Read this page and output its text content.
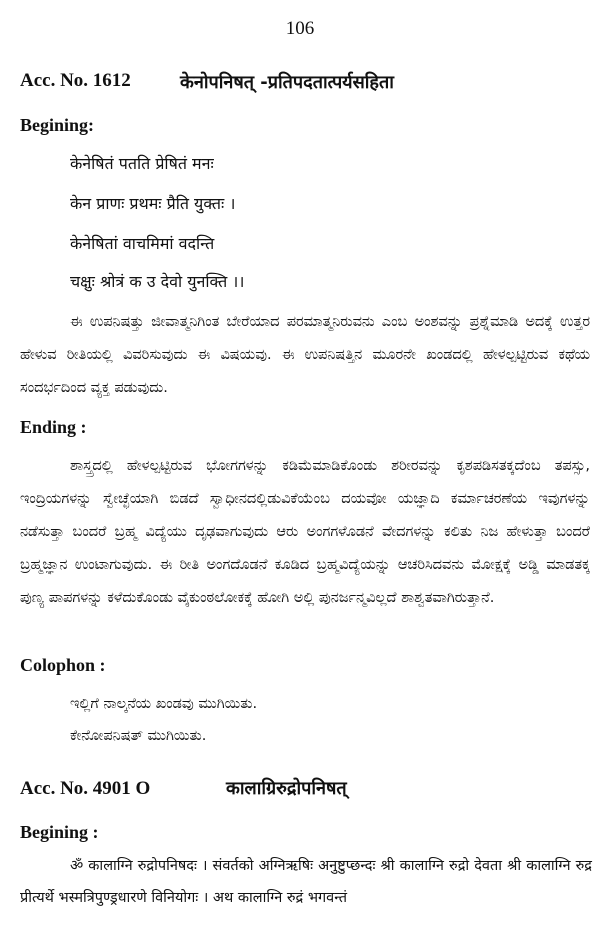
106
Acc. No. 1612	केनोपनिषत् -प्रतिपदतात्पर्यसहिता
Begining:
केनेषितं पतति प्रेषितं मनः
केन प्राणः प्रथमः प्रैति युक्तः ।
केनेषितां वाचमिमां वदन्ति
चक्षुः श्रोत्रं क उ देवो युनक्ति ।।
ಈ ಉಪನಿಷತ್ತು ಜೀವಾತ್ಮನಿಗಿಂತ ಬೇರೆಯಾದ ಪರಮಾತ್ಮನಿರುವನು ಎಂಬ ಅಂಶವನ್ನು ಪ್ರಶ್ನೆಮಾಡಿ ಅದಕ್ಕೆ ಉತ್ತರ ಹೇಳುವ ರೀತಿಯಲ್ಲಿ ವಿವರಿಸುವುದು ಈ ವಿಷಯವು. ಈ ಉಪನಿಷತ್ತಿನ ಮೂರನೇ ಖಂಡದಲ್ಲಿ ಹೇಳಲ್ಪಟ್ಟಿರುವ ಕಥೆಯ ಸಂದರ್ಭದಿಂದ ವ್ಯಕ್ತ ಪಡುವುದು.
Ending :
ಶಾಸ್ತ್ರದಲ್ಲಿ ಹೇಳಲ್ಪಟ್ಟಿರುವ ಭೋಗಗಳನ್ನು ಕಡಿಮೆಮಾಡಿಕೊಂಡು ಶರೀರವನ್ನು ಕೃಶಪಡಿಸತಕ್ಕದೆಂಬ ತಪಸ್ಸು, ಇಂದ್ರಿಯಗಳನ್ನು ಸ್ವೇಚ್ಛೆಯಾಗಿ ಬಿಡದೆ ಸ್ವಾಧೀನದಲ್ಲಿಡುವಿಕೆಯೆಂಬ ದಯವೋ ಯಜ್ಞಾದಿ ಕರ್ಮಾಚರಣೆಯ ಇವುಗಳನ್ನು ನಡೆಸುತ್ತಾ ಬಂದರೆ ಬ್ರಹ್ಮ ವಿದ್ಯೆಯು ದೃಢವಾಗುವುದು ಆರು ಅಂಗಗಳೊಡನೆ ವೇದಗಳನ್ನು ಕಲಿತು ನಿಜ ಹೇಳುತ್ತಾ ಬಂದರೆ ಬ್ರಹ್ಮಜ್ಞಾನ ಉಂಟಾಗುವುದು. ಈ ರೀತಿ ಅಂಗದೊಡನೆ ಕೂಡಿದ ಬ್ರಹ್ಮವಿದ್ಯೆಯನ್ನು ಆಚರಿಸಿದವನು ಮೋಕ್ಷಕ್ಕೆ ಅಡ್ಡಿ ಮಾಡತಕ್ಕ ಪುಣ್ಯ ಪಾಪಗಳನ್ನು ಕಳೆದುಕೊಂಡು ವೈಕುಂಠಲೋಕಕ್ಕೆ ಹೋಗಿ ಅಲ್ಲಿ ಪುನರ್ಜನ್ಮವಿಲ್ಲದೆ ಶಾಶ್ವತವಾಗಿರುತ್ತಾನೆ.
Colophon :
ಇಲ್ಲಿಗೆ ನಾಲ್ಕನೆಯ ಖಂಡವು ಮುಗಿಯಿತು.
ಕೇನೋಪನಿಷತ್ ಮುಗಿಯಿತು.
Acc. No. 4901 O	कालाग्रिरुद्रोपनिषत्
Begining :
ॐ कालाग्नि रुद्रोपनिषदः । संवर्तको अग्निऋषिः अनुष्टुप्छन्दः श्री कालाग्नि रुद्रो देवता श्री कालाग्नि रुद्र प्रीत्यर्थे भस्मत्रिपुण्ड्रधारणे विनियोगः । अथ कालाग्नि रुद्रं भगवन्तं
